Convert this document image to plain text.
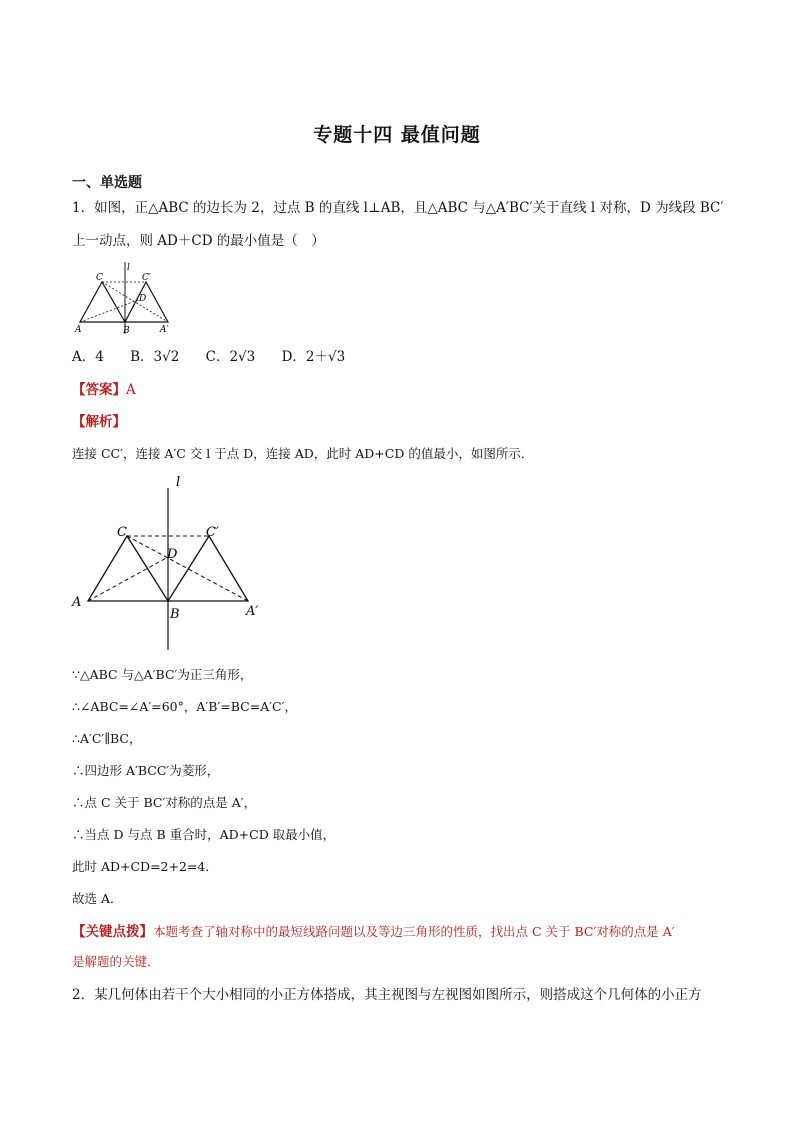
专题十四 最值问题
一、单选题
1．如图，正△ABC 的边长为 2，过点 B 的直线 l⊥AB，且△ABC 与△A′BC′关于直线 l 对称，D 为线段 BC′
上一动点，则 AD＋CD 的最小值是（　）
C
l
C′
D
A	B	A′
A．4 B．3√2 C．2√3 D．2＋√3
【答案】A
【解析】
连接 CC′，连接 A′C 交 l 于点 D，连接 AD，此时 AD+CD 的值最小，如图所示．
l
C	C′
D
A
B	A′
∵△ABC 与△A′BC′为正三角形，
∴∠ABC=∠A′=60°，A′B′=BC=A′C′，
∴A′C′∥BC，
∴四边形 A′BCC′为菱形，
∴点 C 关于 BC′对称的点是 A′，
∴当点 D 与点 B 重合时，AD+CD 取最小值，
此时 AD+CD=2+2=4．
故选 A．
【关键点拨】本题考查了轴对称中的最短线路问题以及等边三角形的性质，找出点 C 关于 BC′对称的点是 A′
是解题的关键．
2．某几何体由若干个大小相同的小正方体搭成，其主视图与左视图如图所示，则搭成这个几何体的小正方
